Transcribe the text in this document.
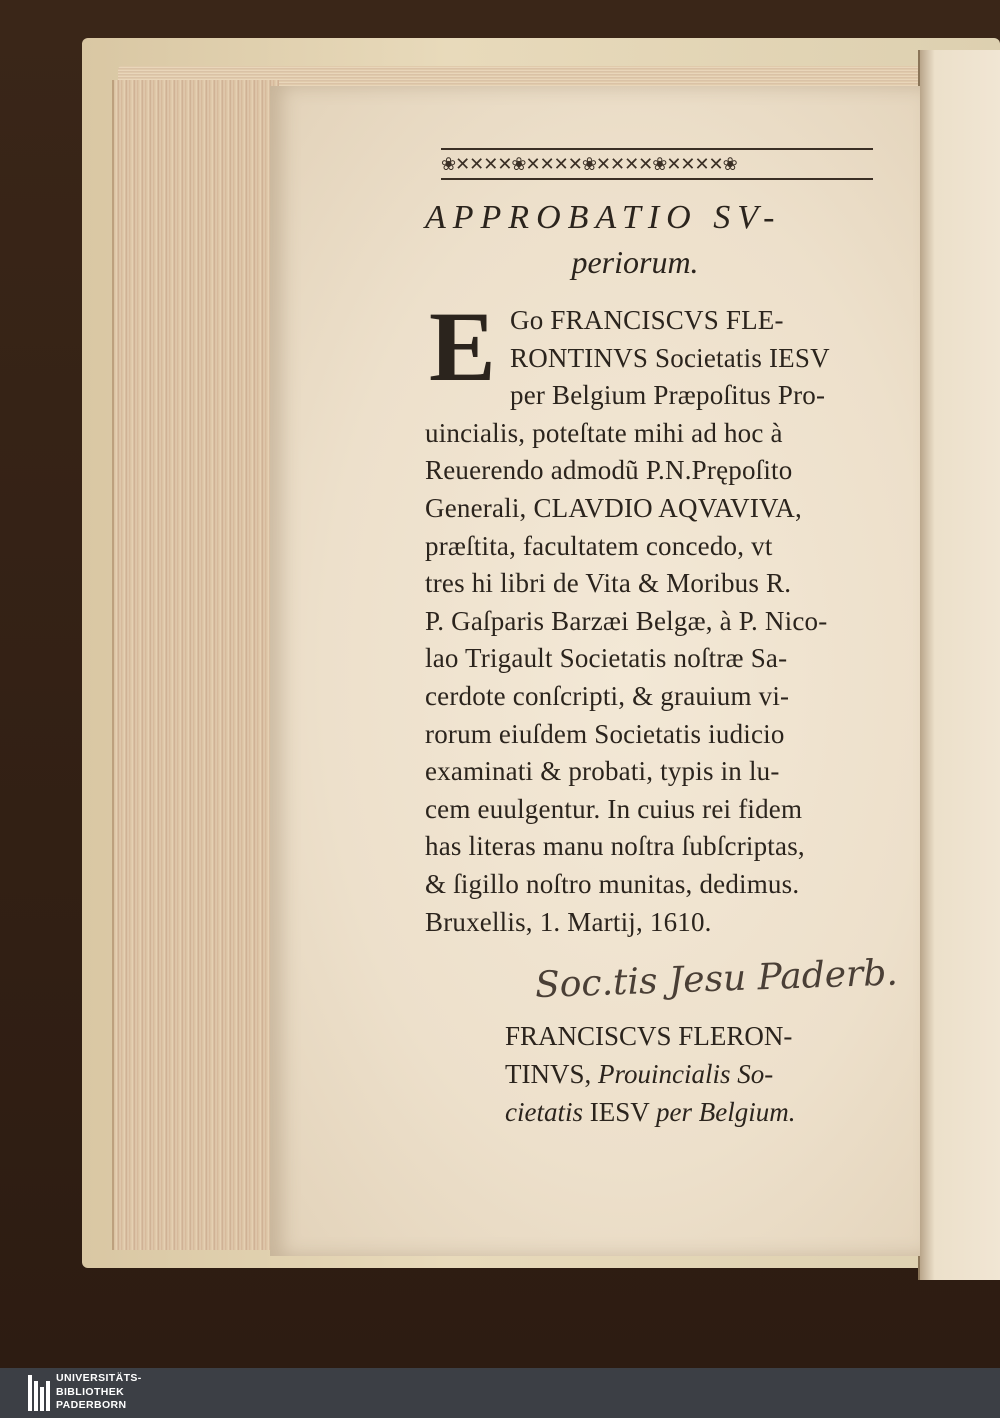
❀✕✕✕✕❀✕✕✕✕❀✕✕✕✕❀✕✕✕✕❀
APPROBATIO SV-
periorum.
E Go FRANCISCVS FLE-
RONTINVS Societatis IESV
per Belgium Præpoſitus Pro-
uincialis, poteſtate mihi ad hoc à
Reuerendo admodũ P.N.Prępoſito
Generali, CLAVDIO AQVAVIVA,
præſtita, facultatem concedo, vt
tres hi libri de Vita & Moribus R.
P. Gaſparis Barzæi Belgæ, à P. Nico-
lao Trigault Societatis noſtræ Sa-
cerdote conſcripti, & grauium vi-
rorum eiuſdem Societatis iudicio
examinati & probati, typis in lu-
cem euulgentur. In cuius rei fidem
has literas manu noſtra ſubſcriptas,
& ſigillo noſtro munitas, dedimus.
Bruxellis, 1. Martij, 1610.
Soc.tis Jesu Paderb.
FRANCISCVS FLERON-
TINVS, Prouincialis So-
cietatis IESV per Belgium.
UNIVERSITÄTS-
BIBLIOTHEK
PADERBORN
